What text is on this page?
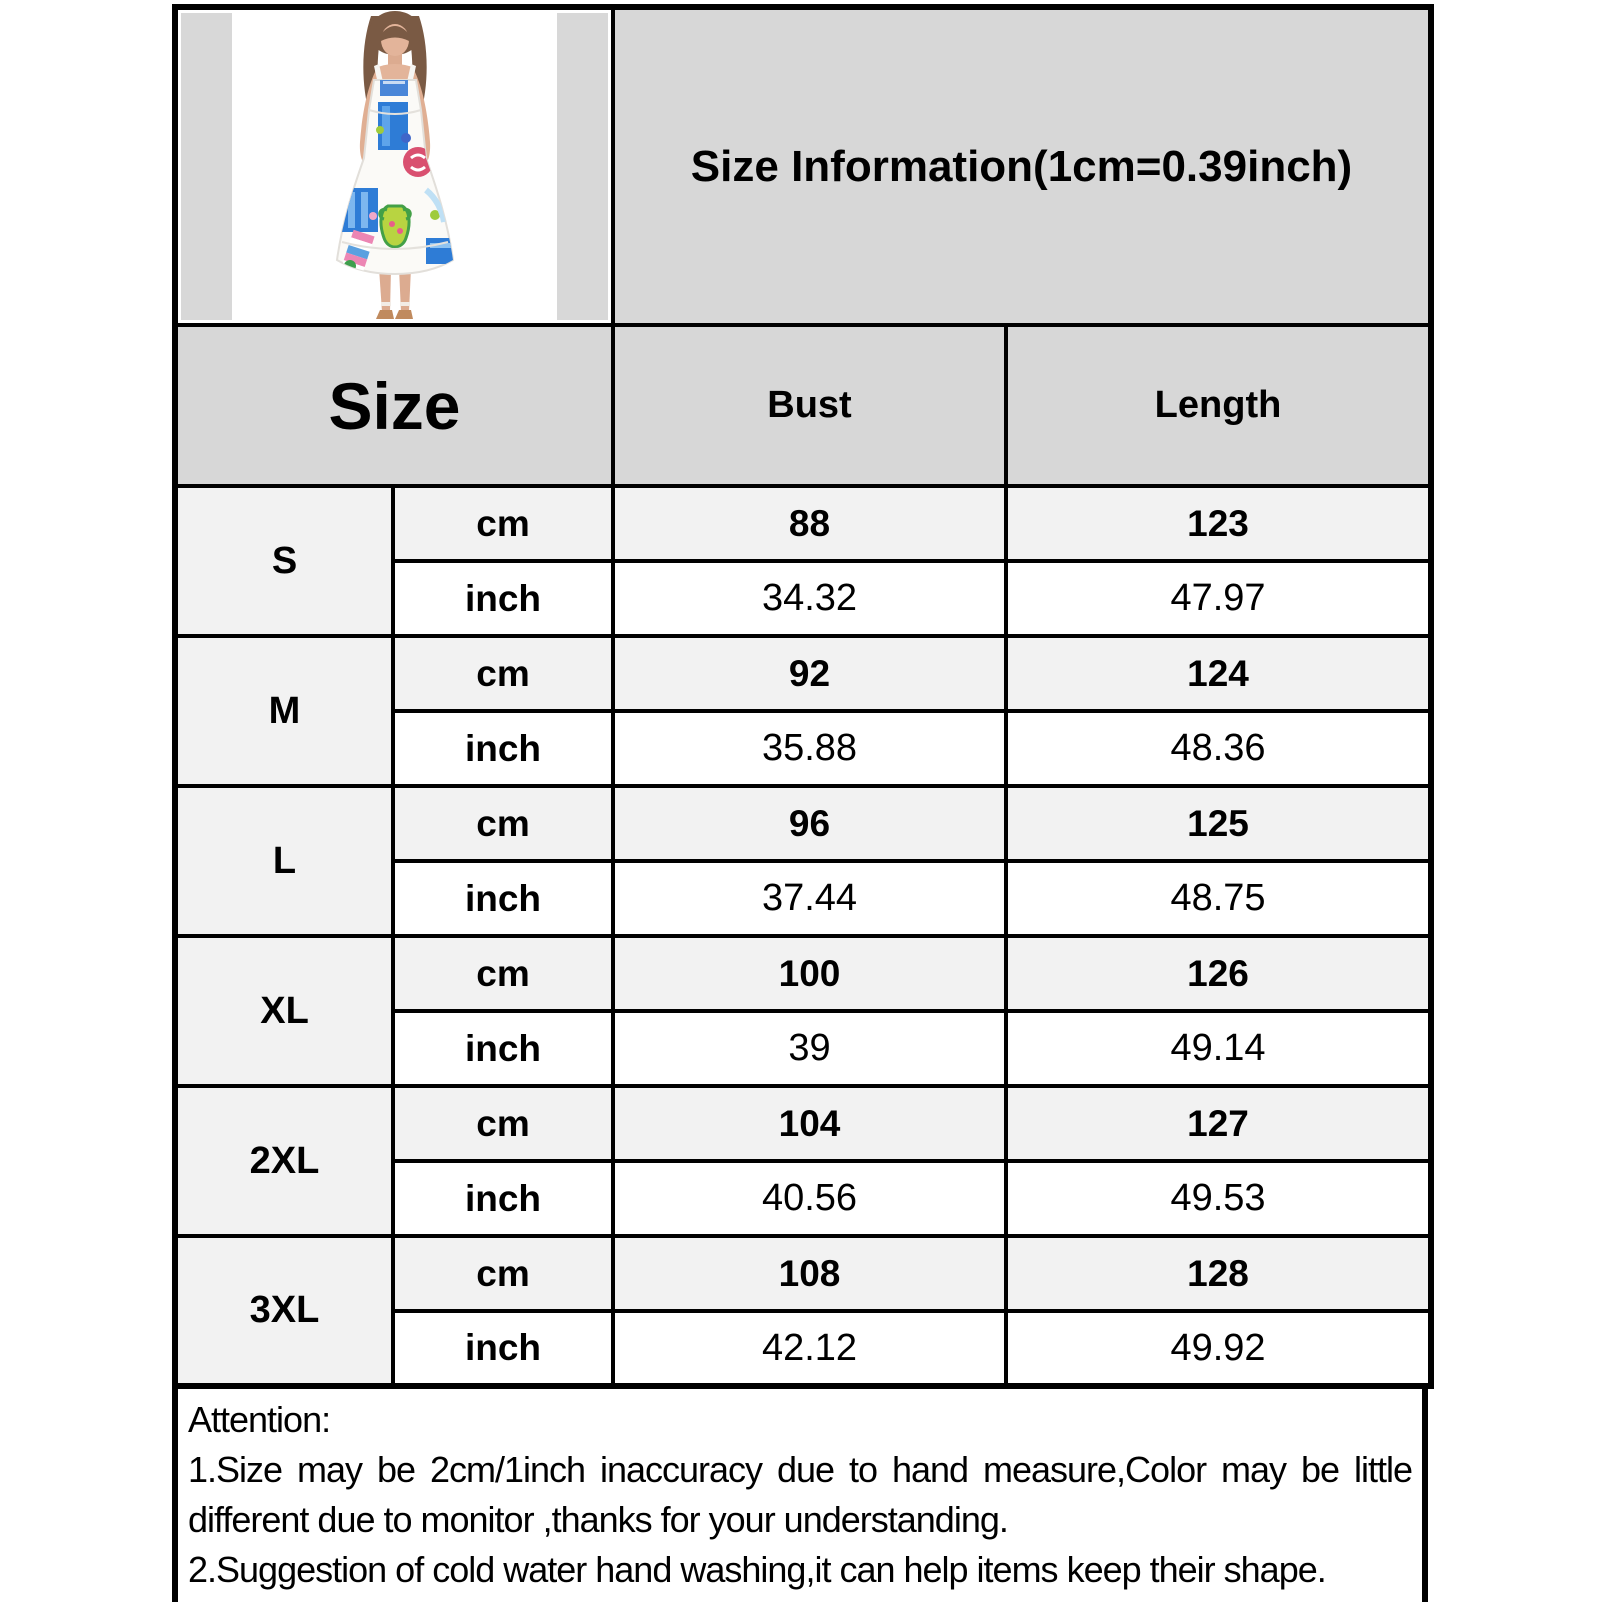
	Size Information(1cm=0.39inch)	
Size		Bust	Length
S	cm	88	123
	inch	34.32	47.97
M	cm	92	124
	inch	35.88	48.36
L	cm	96	125
	inch	37.44	48.75
XL	cm	100	126
	inch	39	49.14
2XL	cm	104	127
	inch	40.56	49.53
3XL	cm	108	128
	inch	42.12	49.92
Attention:
1.Size may be 2cm/1inch inaccuracy due to hand measure,Color may be little different due to monitor ,thanks for your understanding.
2.Suggestion of cold water hand washing,it can help items keep their shape.
